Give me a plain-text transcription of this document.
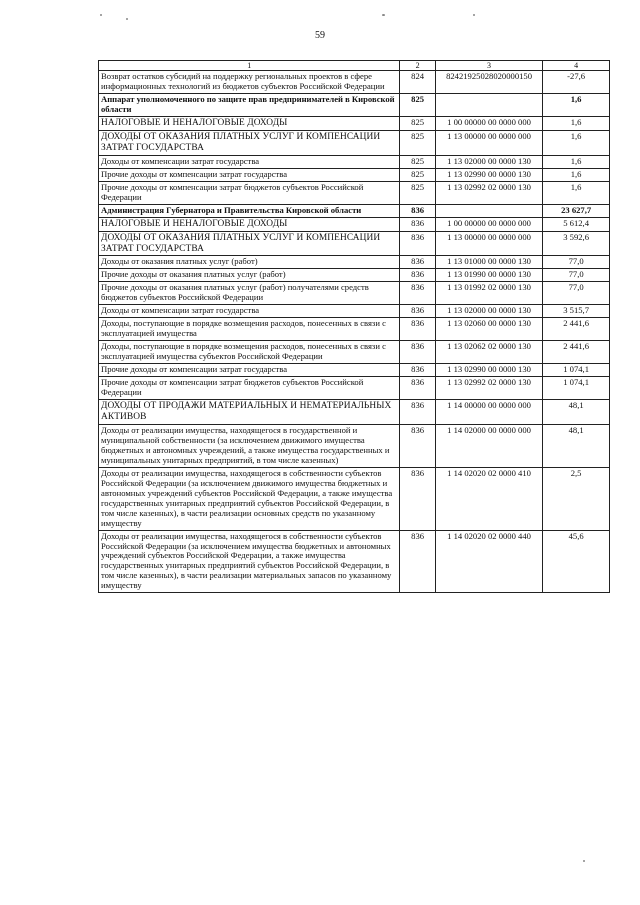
59
1	2	3	4
Возврат остатков субсидий на поддержку региональных проектов в сфере информационных технологий из бюджетов субъектов Российской Федерации	824	82421925028020000150	-27,6
Аппарат уполномоченного по защите прав предпринимателей в Кировской области	825		1,6
НАЛОГОВЫЕ И НЕНАЛОГОВЫЕ ДОХОДЫ	825	1 00 00000 00 0000 000	1,6
ДОХОДЫ ОТ ОКАЗАНИЯ ПЛАТНЫХ УСЛУГ И КОМПЕНСАЦИИ ЗАТРАТ ГОСУДАРСТВА	825	1 13 00000 00 0000 000	1,6
Доходы от компенсации затрат государства	825	1 13 02000 00 0000 130	1,6
Прочие доходы от компенсации затрат государства	825	1 13 02990 00 0000 130	1,6
Прочие доходы от компенсации затрат бюджетов субъектов Российской Федерации	825	1 13 02992 02 0000 130	1,6
Администрация Губернатора и Правительства Кировской области	836		23 627,7
НАЛОГОВЫЕ И НЕНАЛОГОВЫЕ ДОХОДЫ	836	1 00 00000 00 0000 000	5 612,4
ДОХОДЫ ОТ ОКАЗАНИЯ ПЛАТНЫХ УСЛУГ И КОМПЕНСАЦИИ ЗАТРАТ ГОСУДАРСТВА	836	1 13 00000 00 0000 000	3 592,6
Доходы от оказания платных услуг (работ)	836	1 13 01000 00 0000 130	77,0
Прочие доходы от оказания платных услуг (работ)	836	1 13 01990 00 0000 130	77,0
Прочие доходы от оказания платных услуг (работ) получателями средств бюджетов субъектов Российской Федерации	836	1 13 01992 02 0000 130	77,0
Доходы от компенсации затрат государства	836	1 13 02000 00 0000 130	3 515,7
Доходы, поступающие в порядке возмещения расходов, понесенных в связи с эксплуатацией имущества	836	1 13 02060 00 0000 130	2 441,6
Доходы, поступающие в порядке возмещения расходов, понесенных в связи с эксплуатацией имущества субъектов Российской Федерации	836	1 13 02062 02 0000 130	2 441,6
Прочие доходы от компенсации затрат государства	836	1 13 02990 00 0000 130	1 074,1
Прочие доходы от компенсации затрат бюджетов субъектов Российской Федерации	836	1 13 02992 02 0000 130	1 074,1
ДОХОДЫ ОТ ПРОДАЖИ МАТЕРИАЛЬНЫХ И НЕМАТЕРИАЛЬНЫХ АКТИВОВ	836	1 14 00000 00 0000 000	48,1
Доходы от реализации имущества, находящегося в государственной и муниципальной собственности (за исключением движимого имущества бюджетных и автономных учреждений, а также имущества государственных и муниципальных унитарных предприятий, в том числе казенных)	836	1 14 02000 00 0000 000	48,1
Доходы от реализации имущества, находящегося в собственности субъектов Российской Федерации (за исключением движимого имущества бюджетных и автономных учреждений субъектов Российской Федерации, а также имущества государственных унитарных предприятий субъектов Российской Федерации, в том числе казенных), в части реализации основных средств по указанному имуществу	836	1 14 02020 02 0000 410	2,5
Доходы от реализации имущества, находящегося в собственности субъектов Российской Федерации (за исключением имущества бюджетных и автономных учреждений субъектов Российской Федерации, а также имущества государственных унитарных предприятий субъектов Российской Федерации, в том числе казенных), в части реализации материальных запасов по указанному имуществу	836	1 14 02020 02 0000 440	45,6
